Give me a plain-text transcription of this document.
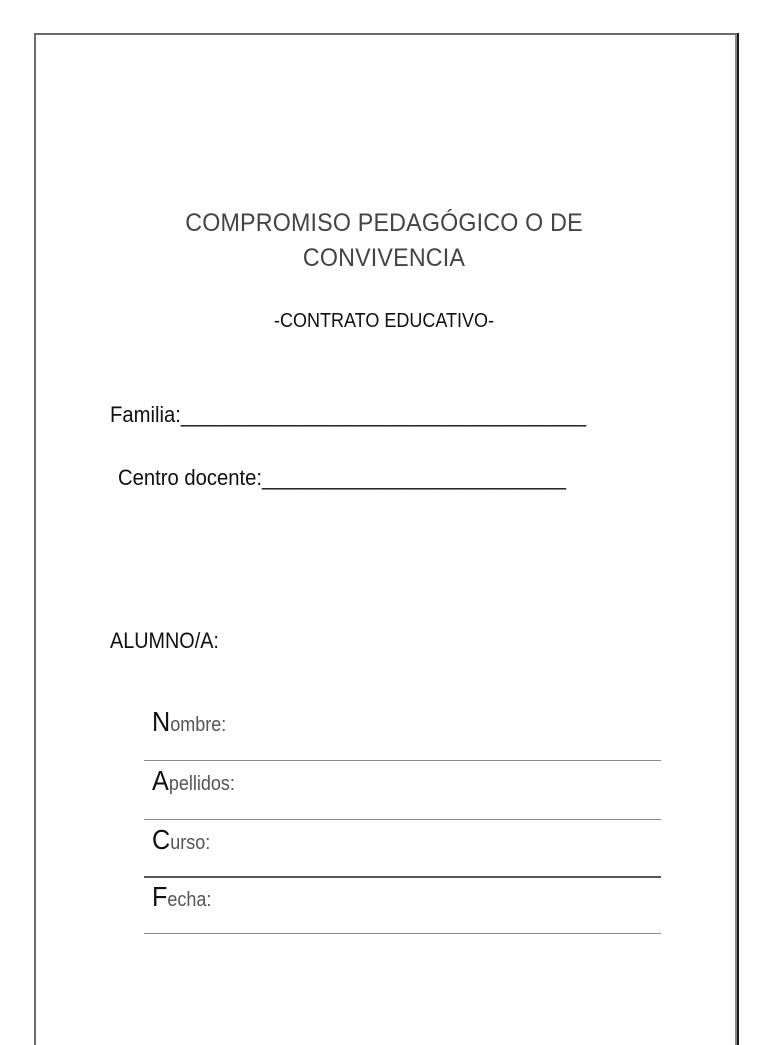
COMPROMISO PEDAGÓGICO O DE
CONVIVENCIA
-CONTRATO EDUCATIVO-
Familia:____________________________________
Centro docente:___________________________
ALUMNO/A:
Nombre:
Apellidos:
Curso:
Fecha:
